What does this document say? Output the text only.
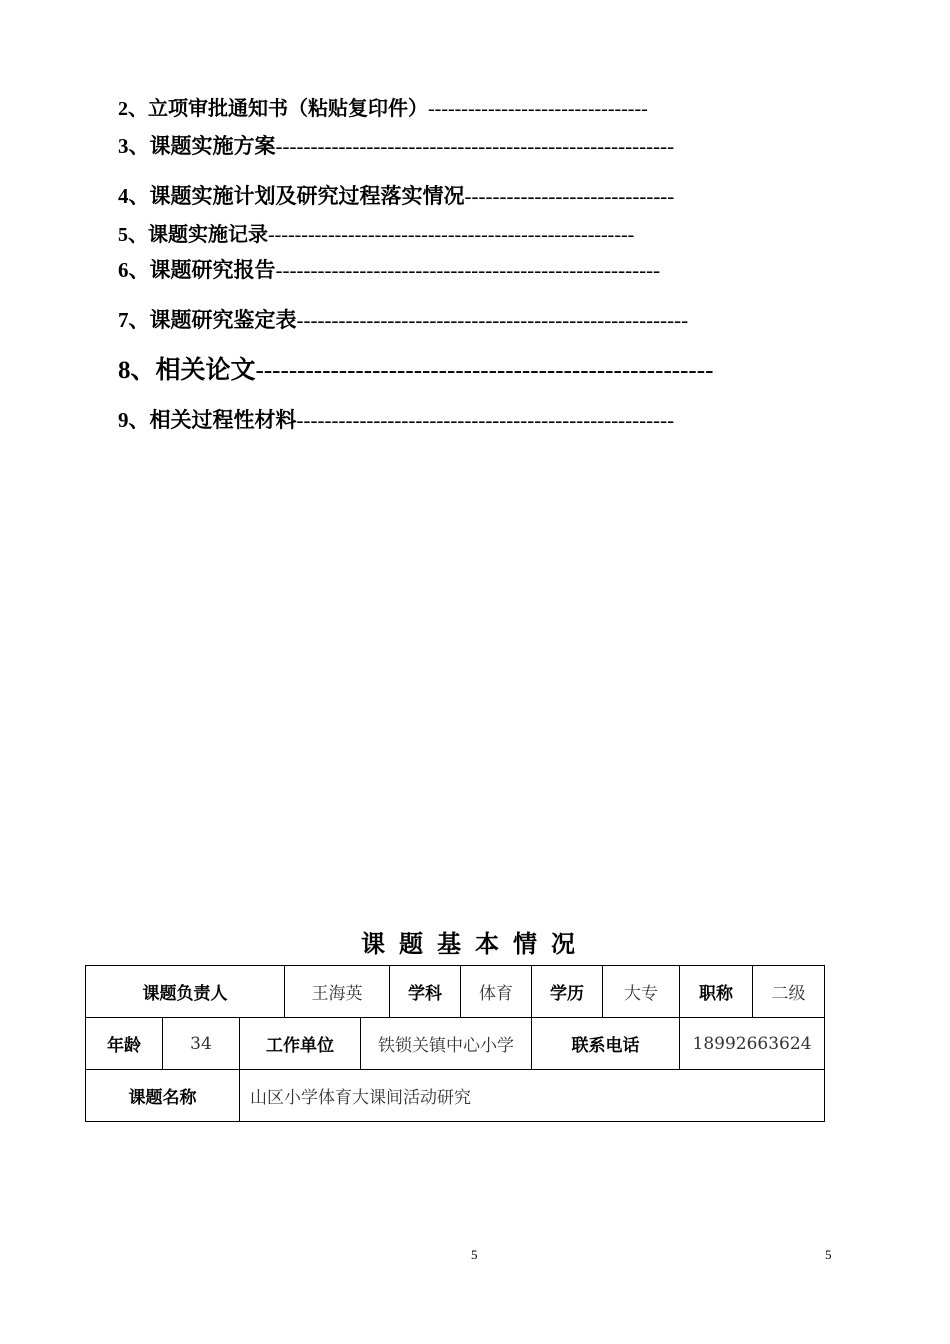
2、立项审批通知书（粘贴复印件）---------------------------------
3、课题实施方案---------------------------------------------------------
4、课题实施计划及研究过程落实情况------------------------------
5、课题实施记录-------------------------------------------------------
6、课题研究报告-------------------------------------------------------
7、课题研究鉴定表--------------------------------------------------------
8、相关论文-------------------------------------------------------
9、相关过程性材料------------------------------------------------------
课题基本情况
课题负责人			王海英		学科	体育	学历	大专	职称	二级
年龄	34	工作单位		铁锁关镇中心小学			联系电话		18992663624	
课题名称		山区小学体育大课间活动研究								
5	5
